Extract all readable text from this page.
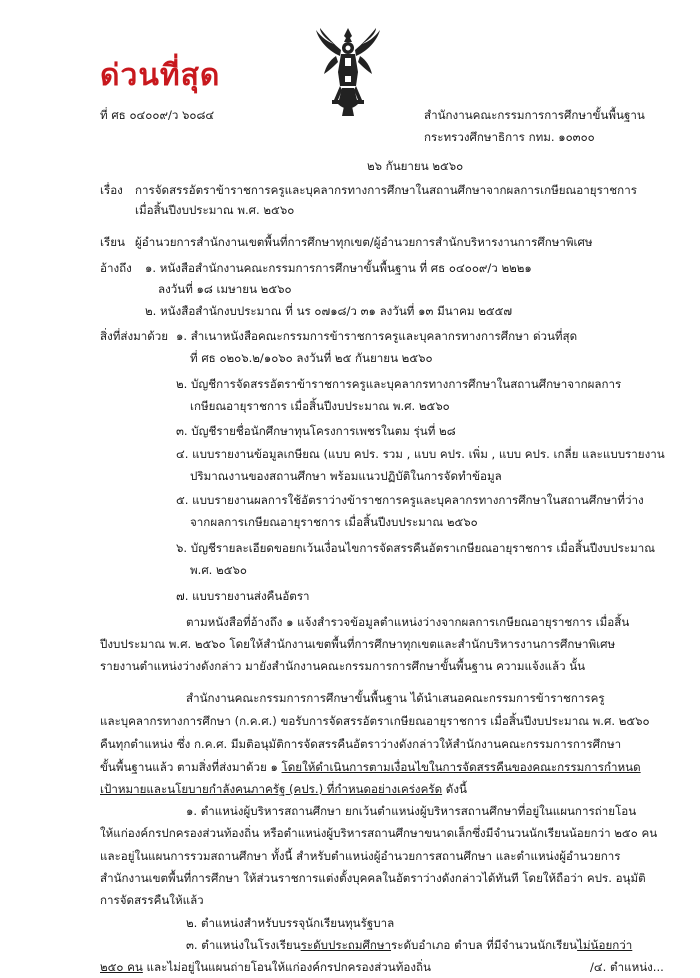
ด่วนที่สุด
ที่ ศธ ๐๔๐๐๙/ว ๖๐๘๔	สำนักงานคณะกรรมการการศึกษาขั้นพื้นฐาน
กระทรวงศึกษาธิการ กทม. ๑๐๓๐๐
๒๖ กันยายน ๒๕๖๐
เรื่อง การจัดสรรอัตราข้าราชการครูและบุคลากรทางการศึกษาในสถานศึกษาจากผลการเกษียณอายุราชการ
เมื่อสิ้นปีงบประมาณ พ.ศ. ๒๕๖๐
เรียน ผู้อำนวยการสำนักงานเขตพื้นที่การศึกษาทุกเขต/ผู้อำนวยการสำนักบริหารงานการศึกษาพิเศษ
อ้างถึง ๑. หนังสือสำนักงานคณะกรรมการการศึกษาขั้นพื้นฐาน ที่ ศธ ๐๔๐๐๙/ว ๒๒๒๑
ลงวันที่ ๑๘ เมษายน ๒๕๖๐
๒. หนังสือสำนักงบประมาณ ที่ นร ๐๗๑๘/ว ๓๑ ลงวันที่ ๑๓ มีนาคม ๒๕๕๗
สิ่งที่ส่งมาด้วย ๑. สำเนาหนังสือคณะกรรมการข้าราชการครูและบุคลากรทางการศึกษา ด่วนที่สุด
ที่ ศธ ๐๒๐๖.๒/๑๐๖๐ ลงวันที่ ๒๕ กันยายน ๒๕๖๐
๒. บัญชีการจัดสรรอัตราข้าราชการครูและบุคลากรทางการศึกษาในสถานศึกษาจากผลการ
เกษียณอายุราชการ เมื่อสิ้นปีงบประมาณ พ.ศ. ๒๕๖๐
๓. บัญชีรายชื่อนักศึกษาทุนโครงการเพชรในตม รุ่นที่ ๒๘
๔. แบบรายงานข้อมูลเกษียณ (แบบ คปร. รวม , แบบ คปร. เพิ่ม , แบบ คปร. เกลี่ย และแบบรายงาน
ปริมาณงานของสถานศึกษา พร้อมแนวปฏิบัติในการจัดทำข้อมูล
๕. แบบรายงานผลการใช้อัตราว่างข้าราชการครูและบุคลากรทางการศึกษาในสถานศึกษาที่ว่าง
จากผลการเกษียณอายุราชการ เมื่อสิ้นปีงบประมาณ ๒๕๖๐
๖. บัญชีรายละเอียดขอยกเว้นเงื่อนไขการจัดสรรคืนอัตราเกษียณอายุราชการ เมื่อสิ้นปีงบประมาณ
พ.ศ. ๒๕๖๐
๗. แบบรายงานส่งคืนอัตรา
ตามหนังสือที่อ้างถึง ๑ แจ้งสำรวจข้อมูลตำแหน่งว่างจากผลการเกษียณอายุราชการ เมื่อสิ้น
ปีงบประมาณ พ.ศ. ๒๕๖๐ โดยให้สำนักงานเขตพื้นที่การศึกษาทุกเขตและสำนักบริหารงานการศึกษาพิเศษ
รายงานตำแหน่งว่างดังกล่าว มายังสำนักงานคณะกรรมการการศึกษาขั้นพื้นฐาน ความแจ้งแล้ว นั้น
สำนักงานคณะกรรมการการศึกษาขั้นพื้นฐาน ได้นำเสนอคณะกรรมการข้าราชการครู
และบุคลากรทางการศึกษา (ก.ค.ศ.) ขอรับการจัดสรรอัตราเกษียณอายุราชการ เมื่อสิ้นปีงบประมาณ พ.ศ. ๒๕๖๐
คืนทุกตำแหน่ง ซึ่ง ก.ค.ศ. มีมติอนุมัติการจัดสรรคืนอัตราว่างดังกล่าวให้สำนักงานคณะกรรมการการศึกษา
ขั้นพื้นฐานแล้ว ตามสิ่งที่ส่งมาด้วย ๑ โดยให้ดำเนินการตามเงื่อนไขในการจัดสรรคืนของคณะกรรมการกำหนด
เป้าหมายและนโยบายกำลังคนภาครัฐ (คปร.) ที่กำหนดอย่างเคร่งครัด ดังนี้
๑. ตำแหน่งผู้บริหารสถานศึกษา ยกเว้นตำแหน่งผู้บริหารสถานศึกษาที่อยู่ในแผนการถ่ายโอน
ให้แก่องค์กรปกครองส่วนท้องถิ่น หรือตำแหน่งผู้บริหารสถานศึกษาขนาดเล็กซึ่งมีจำนวนนักเรียนน้อยกว่า ๒๕๐ คน
และอยู่ในแผนการรวมสถานศึกษา ทั้งนี้ สำหรับตำแหน่งผู้อำนวยการสถานศึกษา และตำแหน่งผู้อำนวยการ
สำนักงานเขตพื้นที่การศึกษา ให้ส่วนราชการแต่งตั้งบุคคลในอัตราว่างดังกล่าวได้ทันที โดยให้ถือว่า คปร. อนุมัติ
การจัดสรรคืนให้แล้ว
๒. ตำแหน่งสำหรับบรรจุนักเรียนทุนรัฐบาล
๓. ตำแหน่งในโรงเรียนระดับประถมศึกษาระดับอำเภอ ตำบล ที่มีจำนวนนักเรียนไม่น้อยกว่า
๒๕๐ คน และไม่อยู่ในแผนถ่ายโอนให้แก่องค์กรปกครองส่วนท้องถิ่น	/๔. ตำแหน่ง...
